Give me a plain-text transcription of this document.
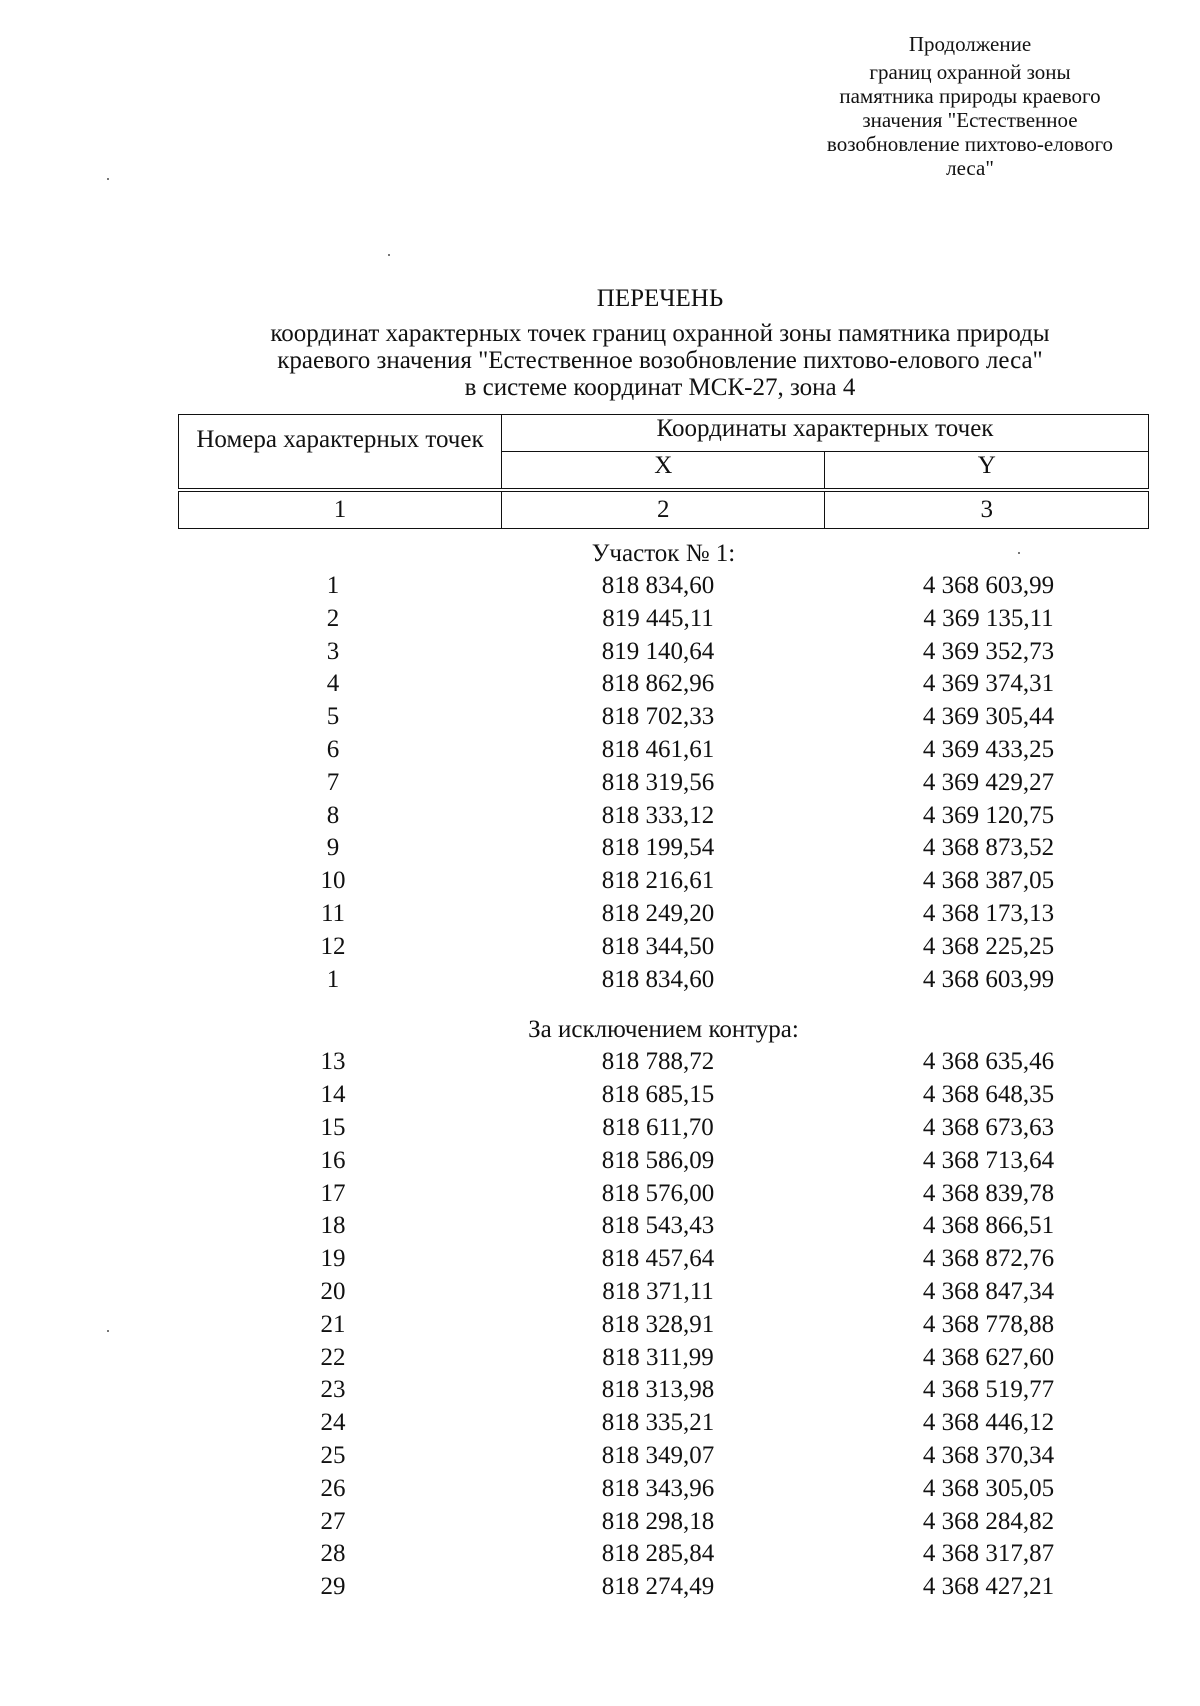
Продолжение
границ охранной зоны
памятника природы краевого
значения "Естественное
возобновление пихтово-елового
леса"
ПЕРЕЧЕНЬ
координат характерных точек границ охранной зоны памятника природы
краевого значения "Естественное возобновление пихтово-елового леса"
в системе координат МСК-27, зона 4
Номера характерных точек	Координаты характерных точек	
	X	Y

1	2	3
Участок № 1:
1	818 834,60	4 368 603,99
2	819 445,11	4 369 135,11
3	819 140,64	4 369 352,73
4	818 862,96	4 369 374,31
5	818 702,33	4 369 305,44
6	818 461,61	4 369 433,25
7	818 319,56	4 369 429,27
8	818 333,12	4 369 120,75
9	818 199,54	4 368 873,52
10	818 216,61	4 368 387,05
11	818 249,20	4 368 173,13
12	818 344,50	4 368 225,25
1	818 834,60	4 368 603,99
За исключением контура:
13	818 788,72	4 368 635,46
14	818 685,15	4 368 648,35
15	818 611,70	4 368 673,63
16	818 586,09	4 368 713,64
17	818 576,00	4 368 839,78
18	818 543,43	4 368 866,51
19	818 457,64	4 368 872,76
20	818 371,11	4 368 847,34
21	818 328,91	4 368 778,88
22	818 311,99	4 368 627,60
23	818 313,98	4 368 519,77
24	818 335,21	4 368 446,12
25	818 349,07	4 368 370,34
26	818 343,96	4 368 305,05
27	818 298,18	4 368 284,82
28	818 285,84	4 368 317,87
29	818 274,49	4 368 427,21
